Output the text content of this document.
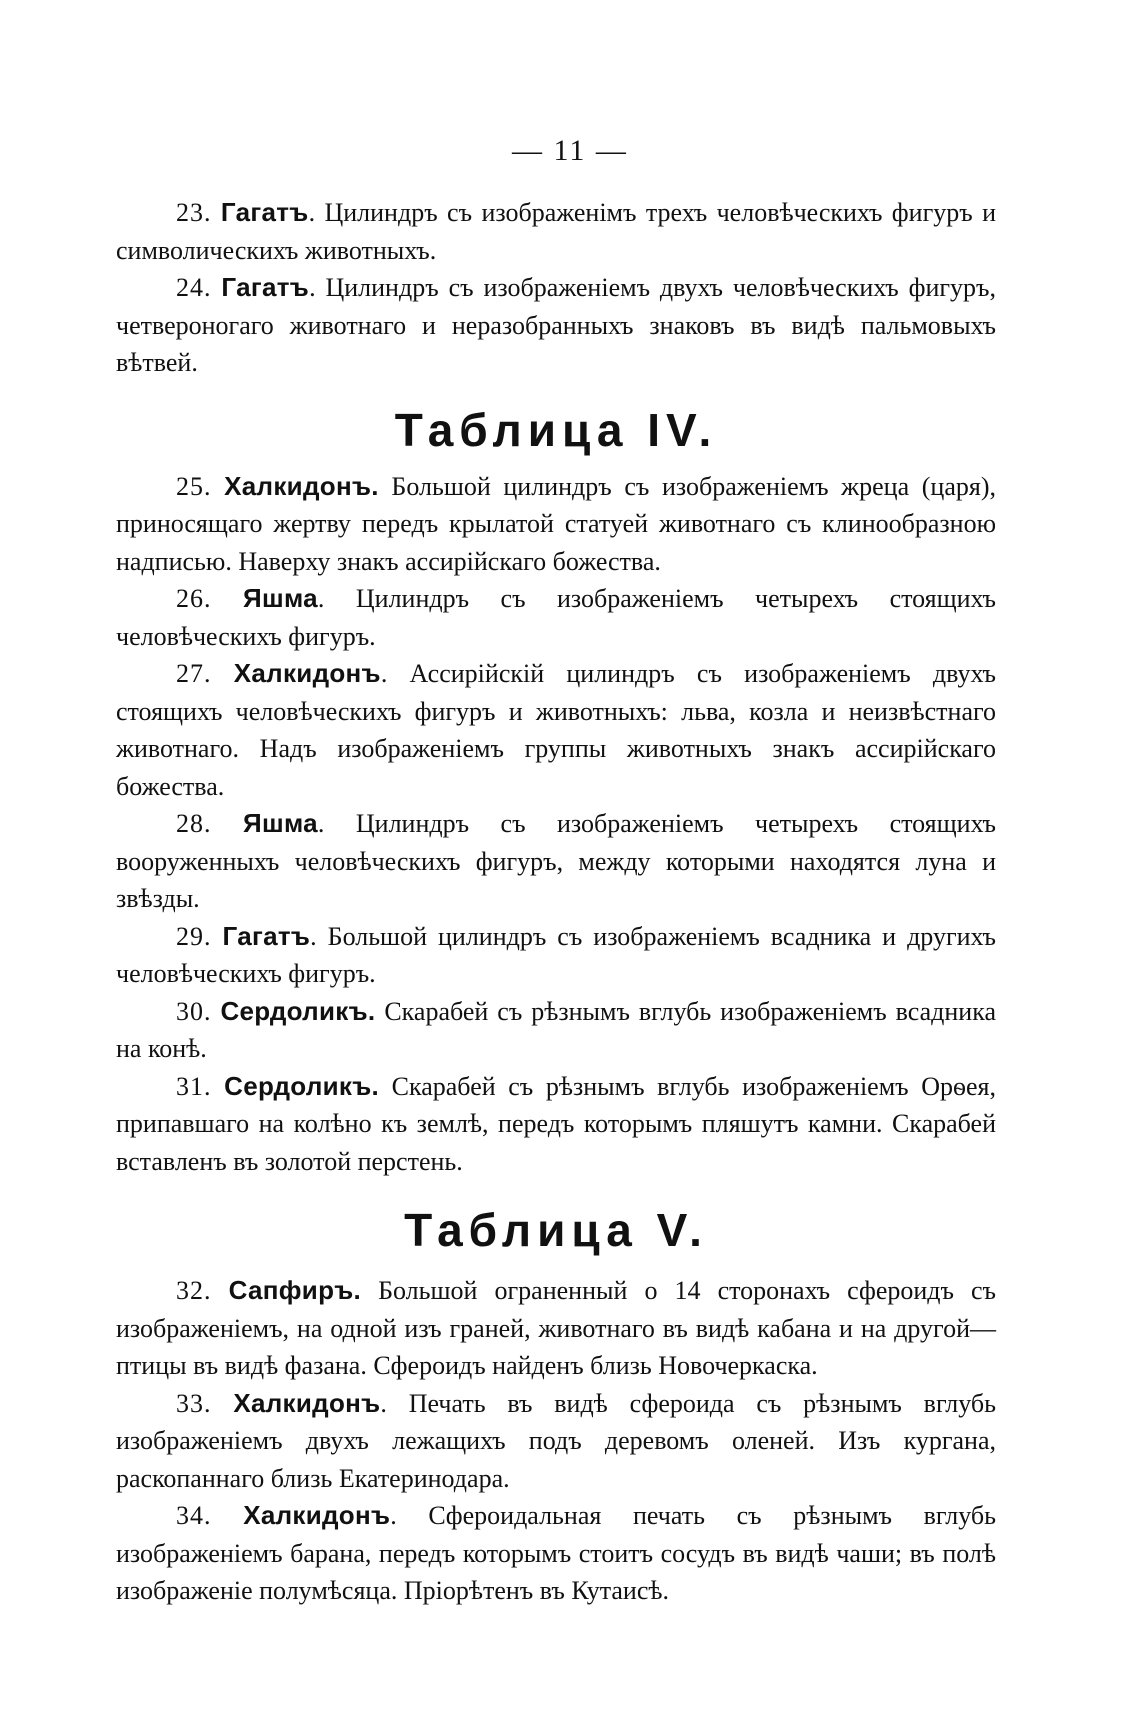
— 11 —

23. Гагатъ. Цилиндръ съ изображенiмъ трехъ человѣческихъ фигуръ и символическихъ животныхъ.

24. Гагатъ. Цилиндръ съ изображенiемъ двухъ человѣческихъ фигуръ, четвероногаго животнаго и неразобранныхъ знаковъ въ видѣ пальмовыхъ вѣтвей.

Таблица IV.

25. Халкидонъ. Большой цилиндръ съ изображенiемъ жреца (царя), приносящаго жертву передъ крылатой статуей животнаго съ клинообразною надписью. Наверху знакъ ассирiйскаго божества.

26. Яшма. Цилиндръ съ изображенiемъ четырехъ стоящихъ человѣческихъ фигуръ.

27. Халкидонъ. Ассирiйскiй цилиндръ съ изображенiемъ двухъ стоящихъ человѣческихъ фигуръ и животныхъ: льва, козла и неизвѣстнаго животнаго. Надъ изображенiемъ группы животныхъ знакъ ассирiйскаго божества.

28. Яшма. Цилиндръ съ изображенiемъ четырехъ стоящихъ вооруженныхъ человѣческихъ фигуръ, между которыми находятся луна и звѣзды.

29. Гагатъ. Большой цилиндръ съ изображенiемъ всадника и другихъ человѣческихъ фигуръ.

30. Сердоликъ. Скарабей съ рѣзнымъ вглубь изображенiемъ всадника на конѣ.

31. Сердоликъ. Скарабей съ рѣзнымъ вглубь изображенiемъ Орѳея, припавшаго на колѣно къ землѣ, передъ которымъ пляшутъ камни. Скарабей вставленъ въ золотой перстень.

Таблица V.

32. Сапфиръ. Большой ограненный о 14 сторонахъ сфероидъ съ изображенiемъ, на одной изъ граней, животнаго въ видѣ кабана и на другой—птицы въ видѣ фазана. Сфероидъ найденъ близь Новочеркаска.

33. Халкидонъ. Печать въ видѣ сфероида съ рѣзнымъ вглубь изображенiемъ двухъ лежащихъ подъ деревомъ оленей. Изъ кургана, раскопаннаго близь Екатеринодара.

34. Халкидонъ. Сфероидальная печать съ рѣзнымъ вглубь изображенiемъ барана, передъ которымъ стоитъ сосудъ въ видѣ чаши; въ полѣ изображенiе полумѣсяца. Прiорѣтенъ въ Кутаисѣ.
